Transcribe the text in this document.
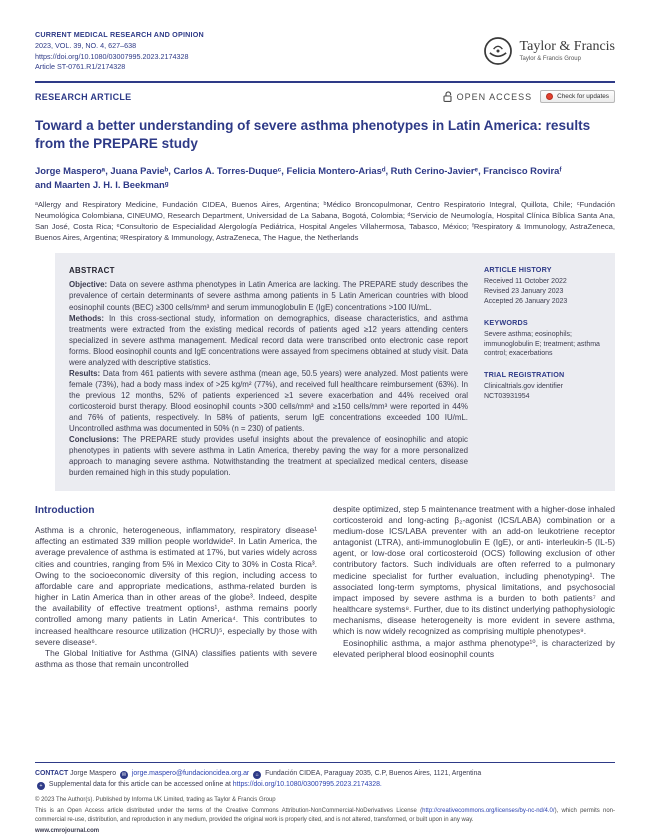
CURRENT MEDICAL RESEARCH AND OPINION
2023, VOL. 39, NO. 4, 627–638
https://doi.org/10.1080/03007995.2023.2174328
Article ST-0761.R1/2174328
Taylor & Francis
Taylor & Francis Group
RESEARCH ARTICLE	OPEN ACCESS	Check for updates
Toward a better understanding of severe asthma phenotypes in Latin America: results from the PREPARE study
Jorge Masperoᵃ, Juana Pavieᵇ, Carlos A. Torres-Duqueᶜ, Felicia Montero-Ariasᵈ, Ruth Cerino-Javierᵉ, Francisco Roviraᶠ and Maarten J. H. I. Beekmanᵍ
ᵃAllergy and Respiratory Medicine, Fundación CIDEA, Buenos Aires, Argentina; ᵇMédico Broncopulmonar, Centro Respiratorio Integral, Quillota, Chile; ᶜFundación Neumológica Colombiana, CINEUMO, Research Department, Universidad de La Sabana, Bogotá, Colombia; ᵈServicio de Neumología, Hospital Clínica Bíblica Santa Ana, San José, Costa Rica; ᵉConsultorio de Especialidad Alergología Pediátrica, Hospital Angeles Villahermosa, Tabasco, México; ᶠRespiratory & Immunology, AstraZeneca, Buenos Aires, Argentina; ᵍRespiratory & Immunology, AstraZeneca, The Hague, the Netherlands
ABSTRACT

Objective: Data on severe asthma phenotypes in Latin America are lacking. The PREPARE study describes the prevalence of certain determinants of severe asthma among patients in 5 Latin American countries with blood eosinophil counts (BEC) ≥300 cells/mm³ and serum immunoglobulin E (IgE) concentrations >100 IU/mL.

Methods: In this cross-sectional study, information on demographics, disease characteristics, and asthma treatments were extracted from the existing medical records of patients aged ≥12 years attending centers specialized in severe asthma management. Medical record data were transcribed onto electronic case report forms. Blood eosinophil counts and IgE concentrations were assayed from specimens obtained at study visit. Data were analyzed with descriptive statistics.

Results: Data from 461 patients with severe asthma (mean age, 50.5 years) were analyzed. Most patients were female (73%), had a body mass index of >25 kg/m² (77%), and received full healthcare reimbursement (63%). In the previous 12 months, 52% of patients experienced ≥1 severe exacerbation and 44% received oral corticosteroid burst therapy. Blood eosinophil counts >300 cells/mm³ and ≥150 cells/mm³ were reported in 44% and 76% of patients, respectively. In 58% of patients, serum IgE concentrations exceeded 100 IU/mL. Uncontrolled asthma was documented in 50% (n = 230) of patients.

Conclusions: The PREPARE study provides useful insights about the prevalence of eosinophilic and atopic phenotypes in patients with severe asthma in Latin America, thereby paving the way for a more personalized approach to managing severe asthma. Notwithstanding the treatment at specialized medical centers, disease burden remained high in this study population.

ARTICLE HISTORY
Received 11 October 2022
Revised 23 January 2023
Accepted 26 January 2023
KEYWORDS
Severe asthma; eosinophils; immunoglobulin E; treatment; asthma control; exacerbations
TRIAL REGISTRATION
Clinicaltrials.gov identifier NCT03931954
Introduction

Asthma is a chronic, heterogeneous, inflammatory, respiratory disease¹ affecting an estimated 339 million people worldwide². In Latin America, the average prevalence of asthma is estimated at 17%, but varies widely across cities and countries, ranging from 5% in Mexico City to 30% in Costa Rica³. Owing to the socioeconomic diversity of this region, including access to affordable care and appropriate medications, asthma-related burden is higher in Latin America than in other areas of the globe³. Indeed, despite the availability of effective treatment options¹, asthma remains poorly controlled among many patients in Latin America⁴. This contributes to increased healthcare resource utilization (HCRU)⁵, especially by those with severe disease⁶.

The Global Initiative for Asthma (GINA) classifies patients with severe asthma as those that remain uncontrolled

despite optimized, step 5 maintenance treatment with a higher-dose inhaled corticosteroid and long-acting β₂-agonist (ICS/LABA) combination or a medium-dose ICS/LABA preventer with an add-on leukotriene receptor antagonist (LTRA), anti-immunoglobulin E (IgE), or anti- interleukin-5 (IL-5) agent, or low-dose oral corticosteroid (OCS) following exclusion of other contributory factors. Such individuals are often referred to a pulmonary medicine specialist for further evaluation, including phenotyping¹. The associated long-term symptoms, physical limitations, and psychosocial impact imposed by severe asthma is a burden to both patients⁷ and healthcare systems⁸. Further, due to its distinct underlying pathophysiologic mechanisms, disease heterogeneity is more evident in severe asthma, which is now widely recognized as comprising multiple phenotypes⁹.

Eosinophilic asthma, a major asthma phenotype¹⁰, is characterized by elevated peripheral blood eosinophil counts

CONTACT Jorge Maspero ✉ jorge.maspero@fundacioncidea.org.ar ⌂ Fundación CIDEA, Paraguay 2035, C.P, Buenos Aires, 1121, Argentina
+ Supplemental data for this article can be accessed online at https://doi.org/10.1080/03007995.2023.2174328.
© 2023 The Author(s). Published by Informa UK Limited, trading as Taylor & Francis Group
This is an Open Access article distributed under the terms of the Creative Commons Attribution-NonCommercial-NoDerivatives License (http://creativecommons.org/licenses/by-nc-nd/4.0/), which permits non-commercial re-use, distribution, and reproduction in any medium, provided the original work is properly cited, and is not altered, transformed, or built upon in any way.
www.cmrojournal.com
